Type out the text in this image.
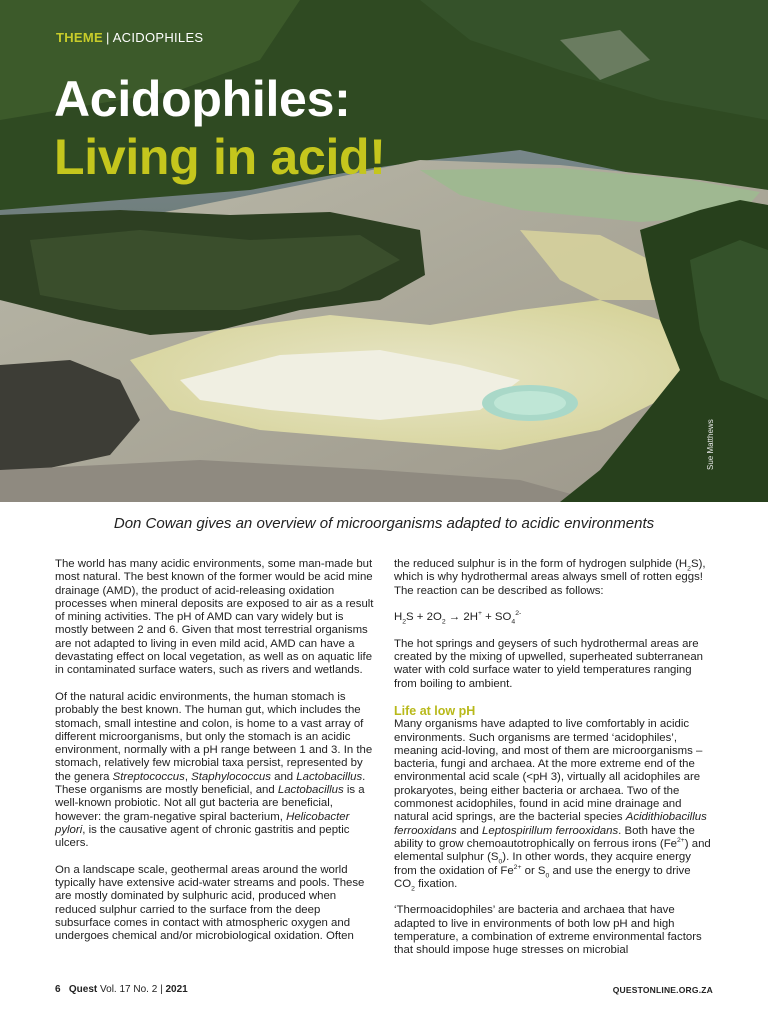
THEME | ACIDOPHILES
Acidophiles:
Living in acid!
Sue Matthews
Don Cowan gives an overview of microorganisms adapted to acidic environments

The world has many acidic environments, some man-made but most natural. The best known of the former would be acid mine drainage (AMD), the product of acid-releasing oxidation processes when mineral deposits are exposed to air as a result of mining activities. The pH of AMD can vary widely but is mostly between 2 and 6. Given that most terrestrial organisms are not adapted to living in even mild acid, AMD can have a devastating effect on local vegetation, as well as on aquatic life in contaminated surface waters, such as rivers and wetlands.

Of the natural acidic environments, the human stomach is probably the best known. The human gut, which includes the stomach, small intestine and colon, is home to a vast array of different microorganisms, but only the stomach is an acidic environment, normally with a pH range between 1 and 3. In the stomach, relatively few microbial taxa persist, represented by the genera Streptococcus, Staphylococcus and Lactobacillus. These organisms are mostly beneficial, and Lactobacillus is a well-known probiotic. Not all gut bacteria are beneficial, however: the gram-negative spiral bacterium, Helicobacter pylori, is the causative agent of chronic gastritis and peptic ulcers.

On a landscape scale, geothermal areas around the world typically have extensive acid-water streams and pools. These are mostly dominated by sulphuric acid, produced when reduced sulphur carried to the surface from the deep subsurface comes in contact with atmospheric oxygen and undergoes chemical and/or microbiological oxidation. Often

the reduced sulphur is in the form of hydrogen sulphide $(H_2S)$, which is why hydrothermal areas always smell of rotten eggs! The reaction can be described as follows:

$H_2S + 2O_2 \to 2H^+ + SO_4^{2-}$

The hot springs and geysers of such hydrothermal areas are created by the mixing of upwelled, superheated subterranean water with cold surface water to yield temperatures ranging from boiling to ambient.

Life at low pH

Many organisms have adapted to live comfortably in acidic environments. Such organisms are termed ‘acidophiles’, meaning acid-loving, and most of them are microorganisms – bacteria, fungi and archaea. At the more extreme end of the environmental acid scale (<pH 3), virtually all acidophiles are prokaryotes, being either bacteria or archaea. Two of the commonest acidophiles, found in acid mine drainage and natural acid springs, are the bacterial species Acidithiobacillus ferrooxidans and Leptospirillum ferrooxidans. Both have the ability to grow chemoautotrophically on ferrous irons $(Fe^{2+})$ and elemental sulphur $(S_0)$. In other words, they acquire energy from the oxidation of $Fe^{2+}$ or $S_0$ and use the energy to drive $CO_2$ fixation.

‘Thermoacidophiles’ are bacteria and archaea that have adapted to live in environments of both low pH and high temperature, a combination of extreme environmental factors that should impose huge stresses on microbial

6 Quest Vol. 17 No. 2 | 2021	QUESTONLINE.ORG.ZA
